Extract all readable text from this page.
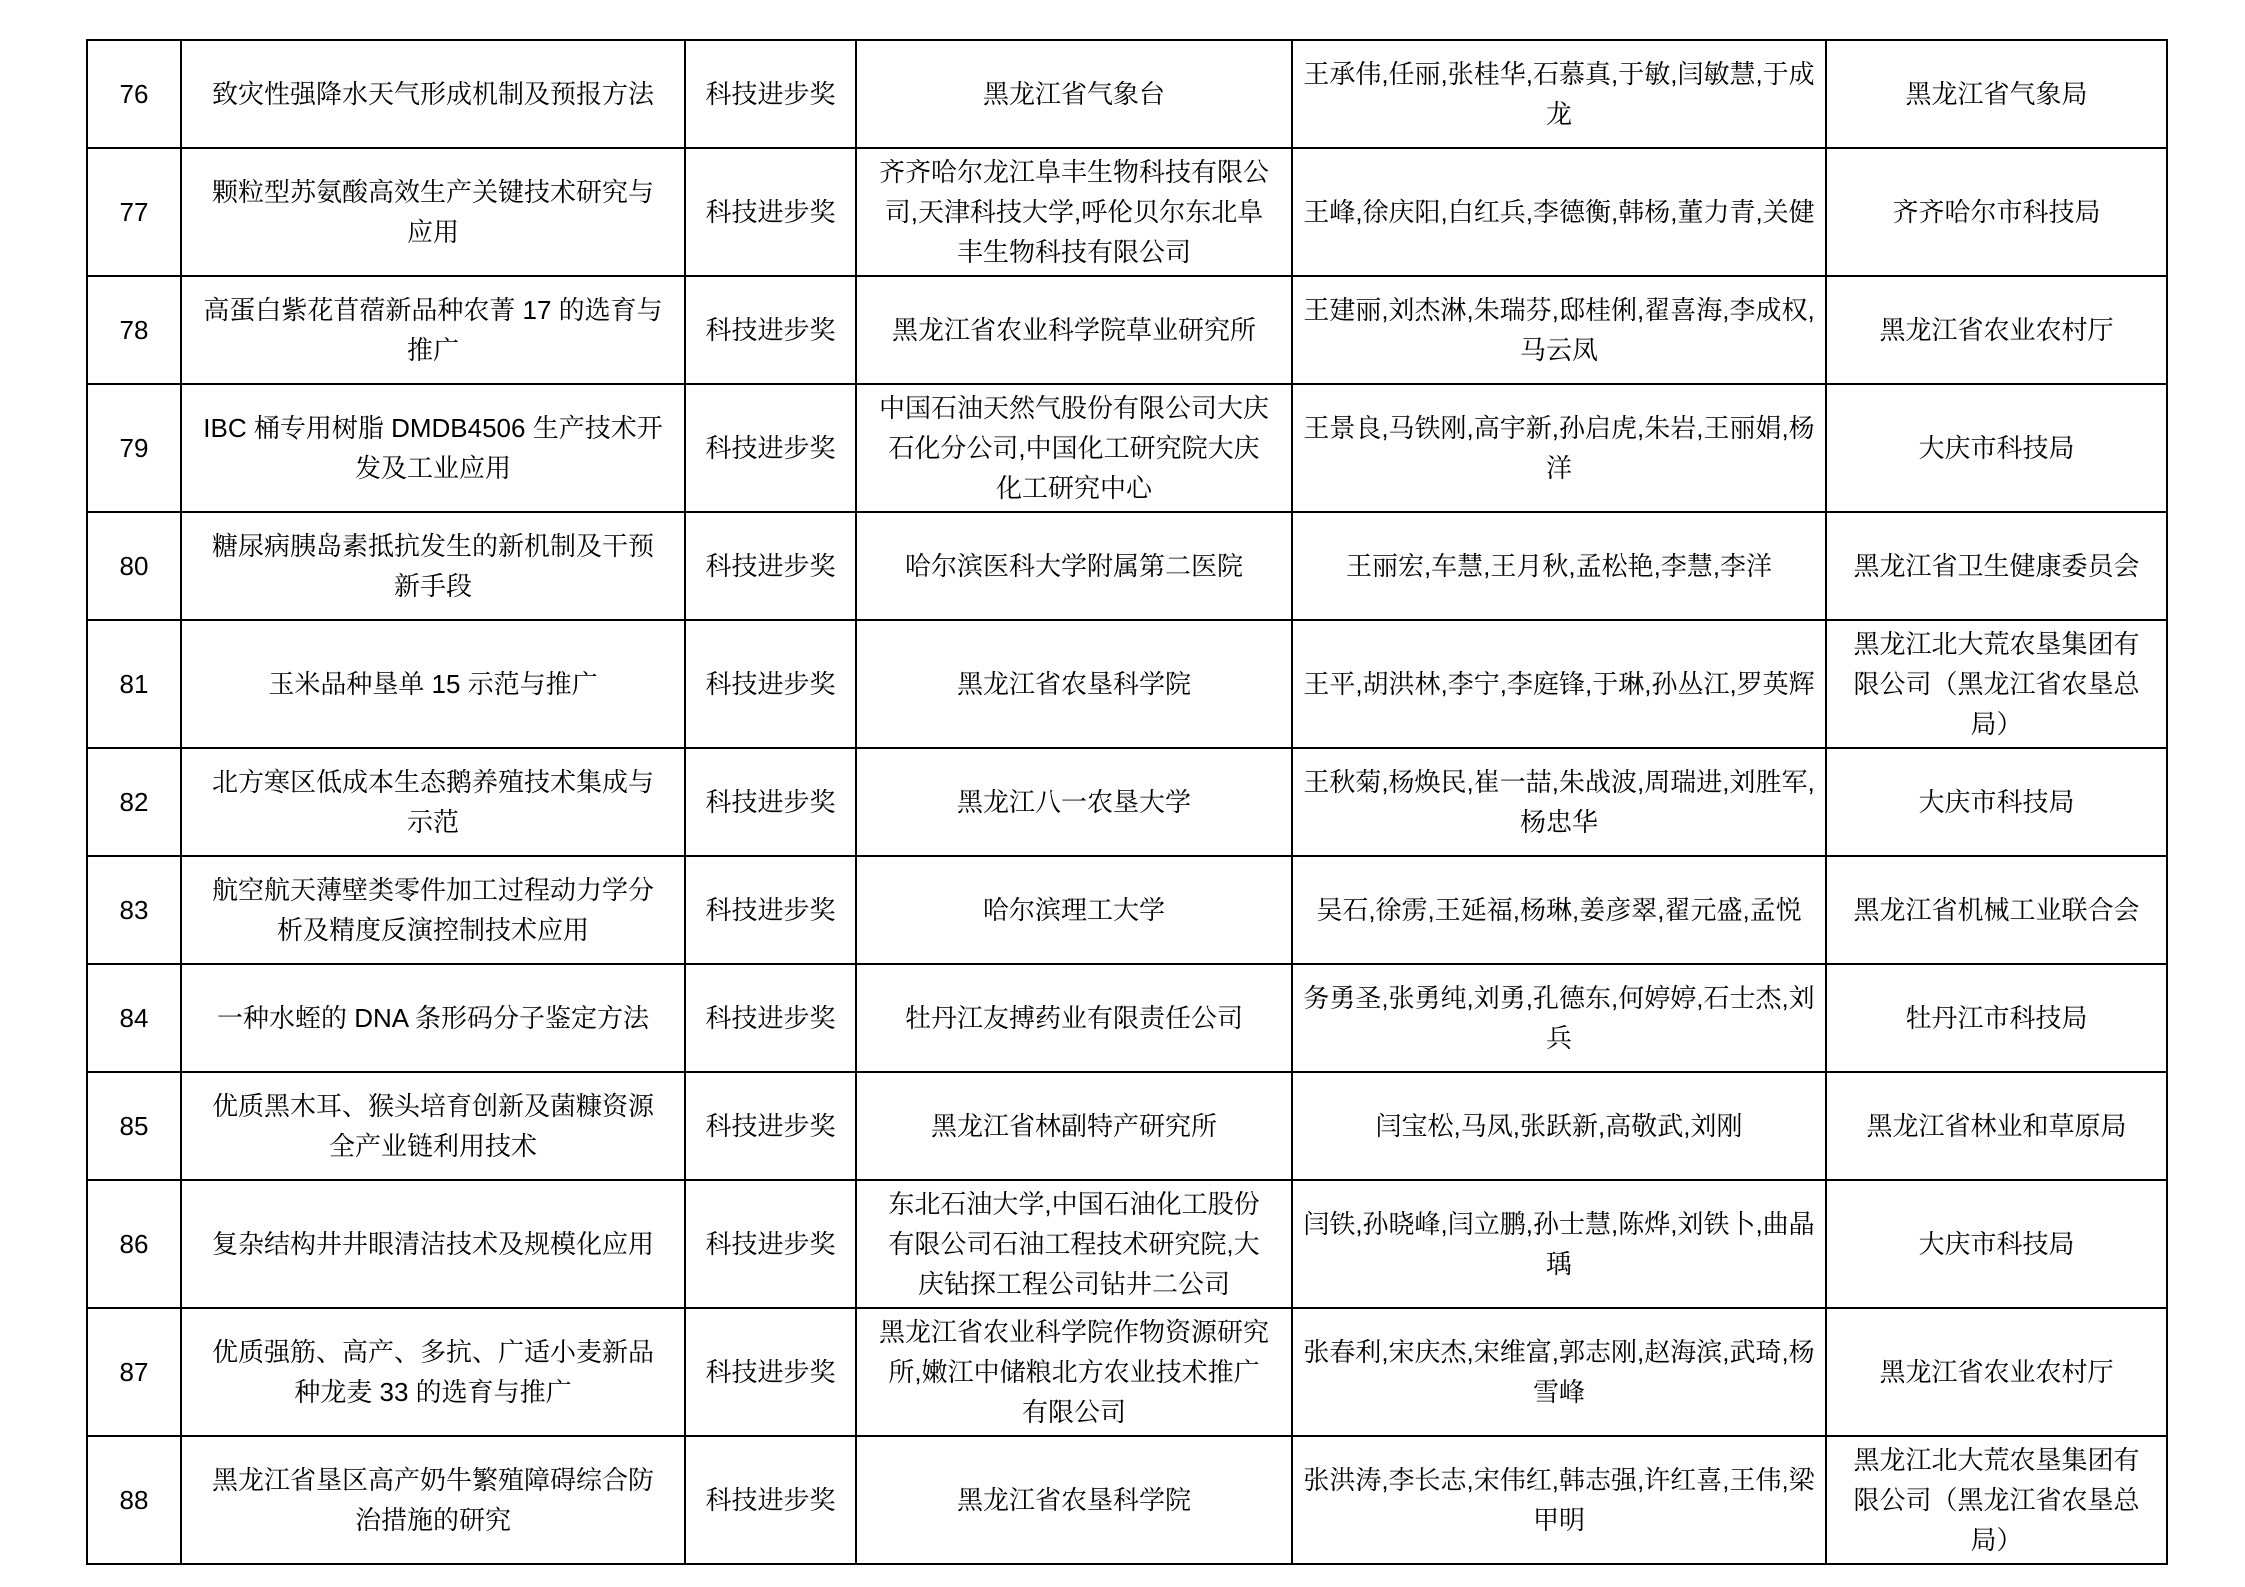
76	致灾性强降水天气形成机制及预报方法	科技进步奖	黑龙江省气象台	王承伟,任丽,张桂华,石慕真,于敏,闫敏慧,于成龙	黑龙江省气象局
77	颗粒型苏氨酸高效生产关键技术研究与应用	科技进步奖	齐齐哈尔龙江阜丰生物科技有限公司,天津科技大学,呼伦贝尔东北阜丰生物科技有限公司	王峰,徐庆阳,白红兵,李德衡,韩杨,董力青,关健	齐齐哈尔市科技局
78	高蛋白紫花苜蓿新品种农菁 17 的选育与推广	科技进步奖	黑龙江省农业科学院草业研究所	王建丽,刘杰淋,朱瑞芬,邸桂俐,翟喜海,李成权,马云凤	黑龙江省农业农村厅
79	IBC 桶专用树脂 DMDB4506 生产技术开发及工业应用	科技进步奖	中国石油天然气股份有限公司大庆石化分公司,中国化工研究院大庆化工研究中心	王景良,马铁刚,高宇新,孙启虎,朱岩,王丽娟,杨洋	大庆市科技局
80	糖尿病胰岛素抵抗发生的新机制及干预新手段	科技进步奖	哈尔滨医科大学附属第二医院	王丽宏,车慧,王月秋,孟松艳,李慧,李洋	黑龙江省卫生健康委员会
81	玉米品种垦单 15 示范与推广	科技进步奖	黑龙江省农垦科学院	王平,胡洪林,李宁,李庭锋,于琳,孙丛江,罗英辉	黑龙江北大荒农垦集团有限公司（黑龙江省农垦总局）
82	北方寒区低成本生态鹅养殖技术集成与示范	科技进步奖	黑龙江八一农垦大学	王秋菊,杨焕民,崔一喆,朱战波,周瑞进,刘胜军,杨忠华	大庆市科技局
83	航空航天薄壁类零件加工过程动力学分析及精度反演控制技术应用	科技进步奖	哈尔滨理工大学	吴石,徐雳,王延福,杨琳,姜彦翠,翟元盛,孟悦	黑龙江省机械工业联合会
84	一种水蛭的 DNA 条形码分子鉴定方法	科技进步奖	牡丹江友搏药业有限责任公司	务勇圣,张勇纯,刘勇,孔德东,何婷婷,石士杰,刘兵	牡丹江市科技局
85	优质黑木耳、猴头培育创新及菌糠资源全产业链利用技术	科技进步奖	黑龙江省林副特产研究所	闫宝松,马凤,张跃新,高敬武,刘刚	黑龙江省林业和草原局
86	复杂结构井井眼清洁技术及规模化应用	科技进步奖	东北石油大学,中国石油化工股份有限公司石油工程技术研究院,大庆钻探工程公司钻井二公司	闫铁,孙晓峰,闫立鹏,孙士慧,陈烨,刘铁卜,曲晶瑀	大庆市科技局
87	优质强筋、高产、多抗、广适小麦新品种龙麦 33 的选育与推广	科技进步奖	黑龙江省农业科学院作物资源研究所,嫩江中储粮北方农业技术推广有限公司	张春利,宋庆杰,宋维富,郭志刚,赵海滨,武琦,杨雪峰	黑龙江省农业农村厅
88	黑龙江省垦区高产奶牛繁殖障碍综合防治措施的研究	科技进步奖	黑龙江省农垦科学院	张洪涛,李长志,宋伟红,韩志强,许红喜,王伟,梁甲明	黑龙江北大荒农垦集团有限公司（黑龙江省农垦总局）
